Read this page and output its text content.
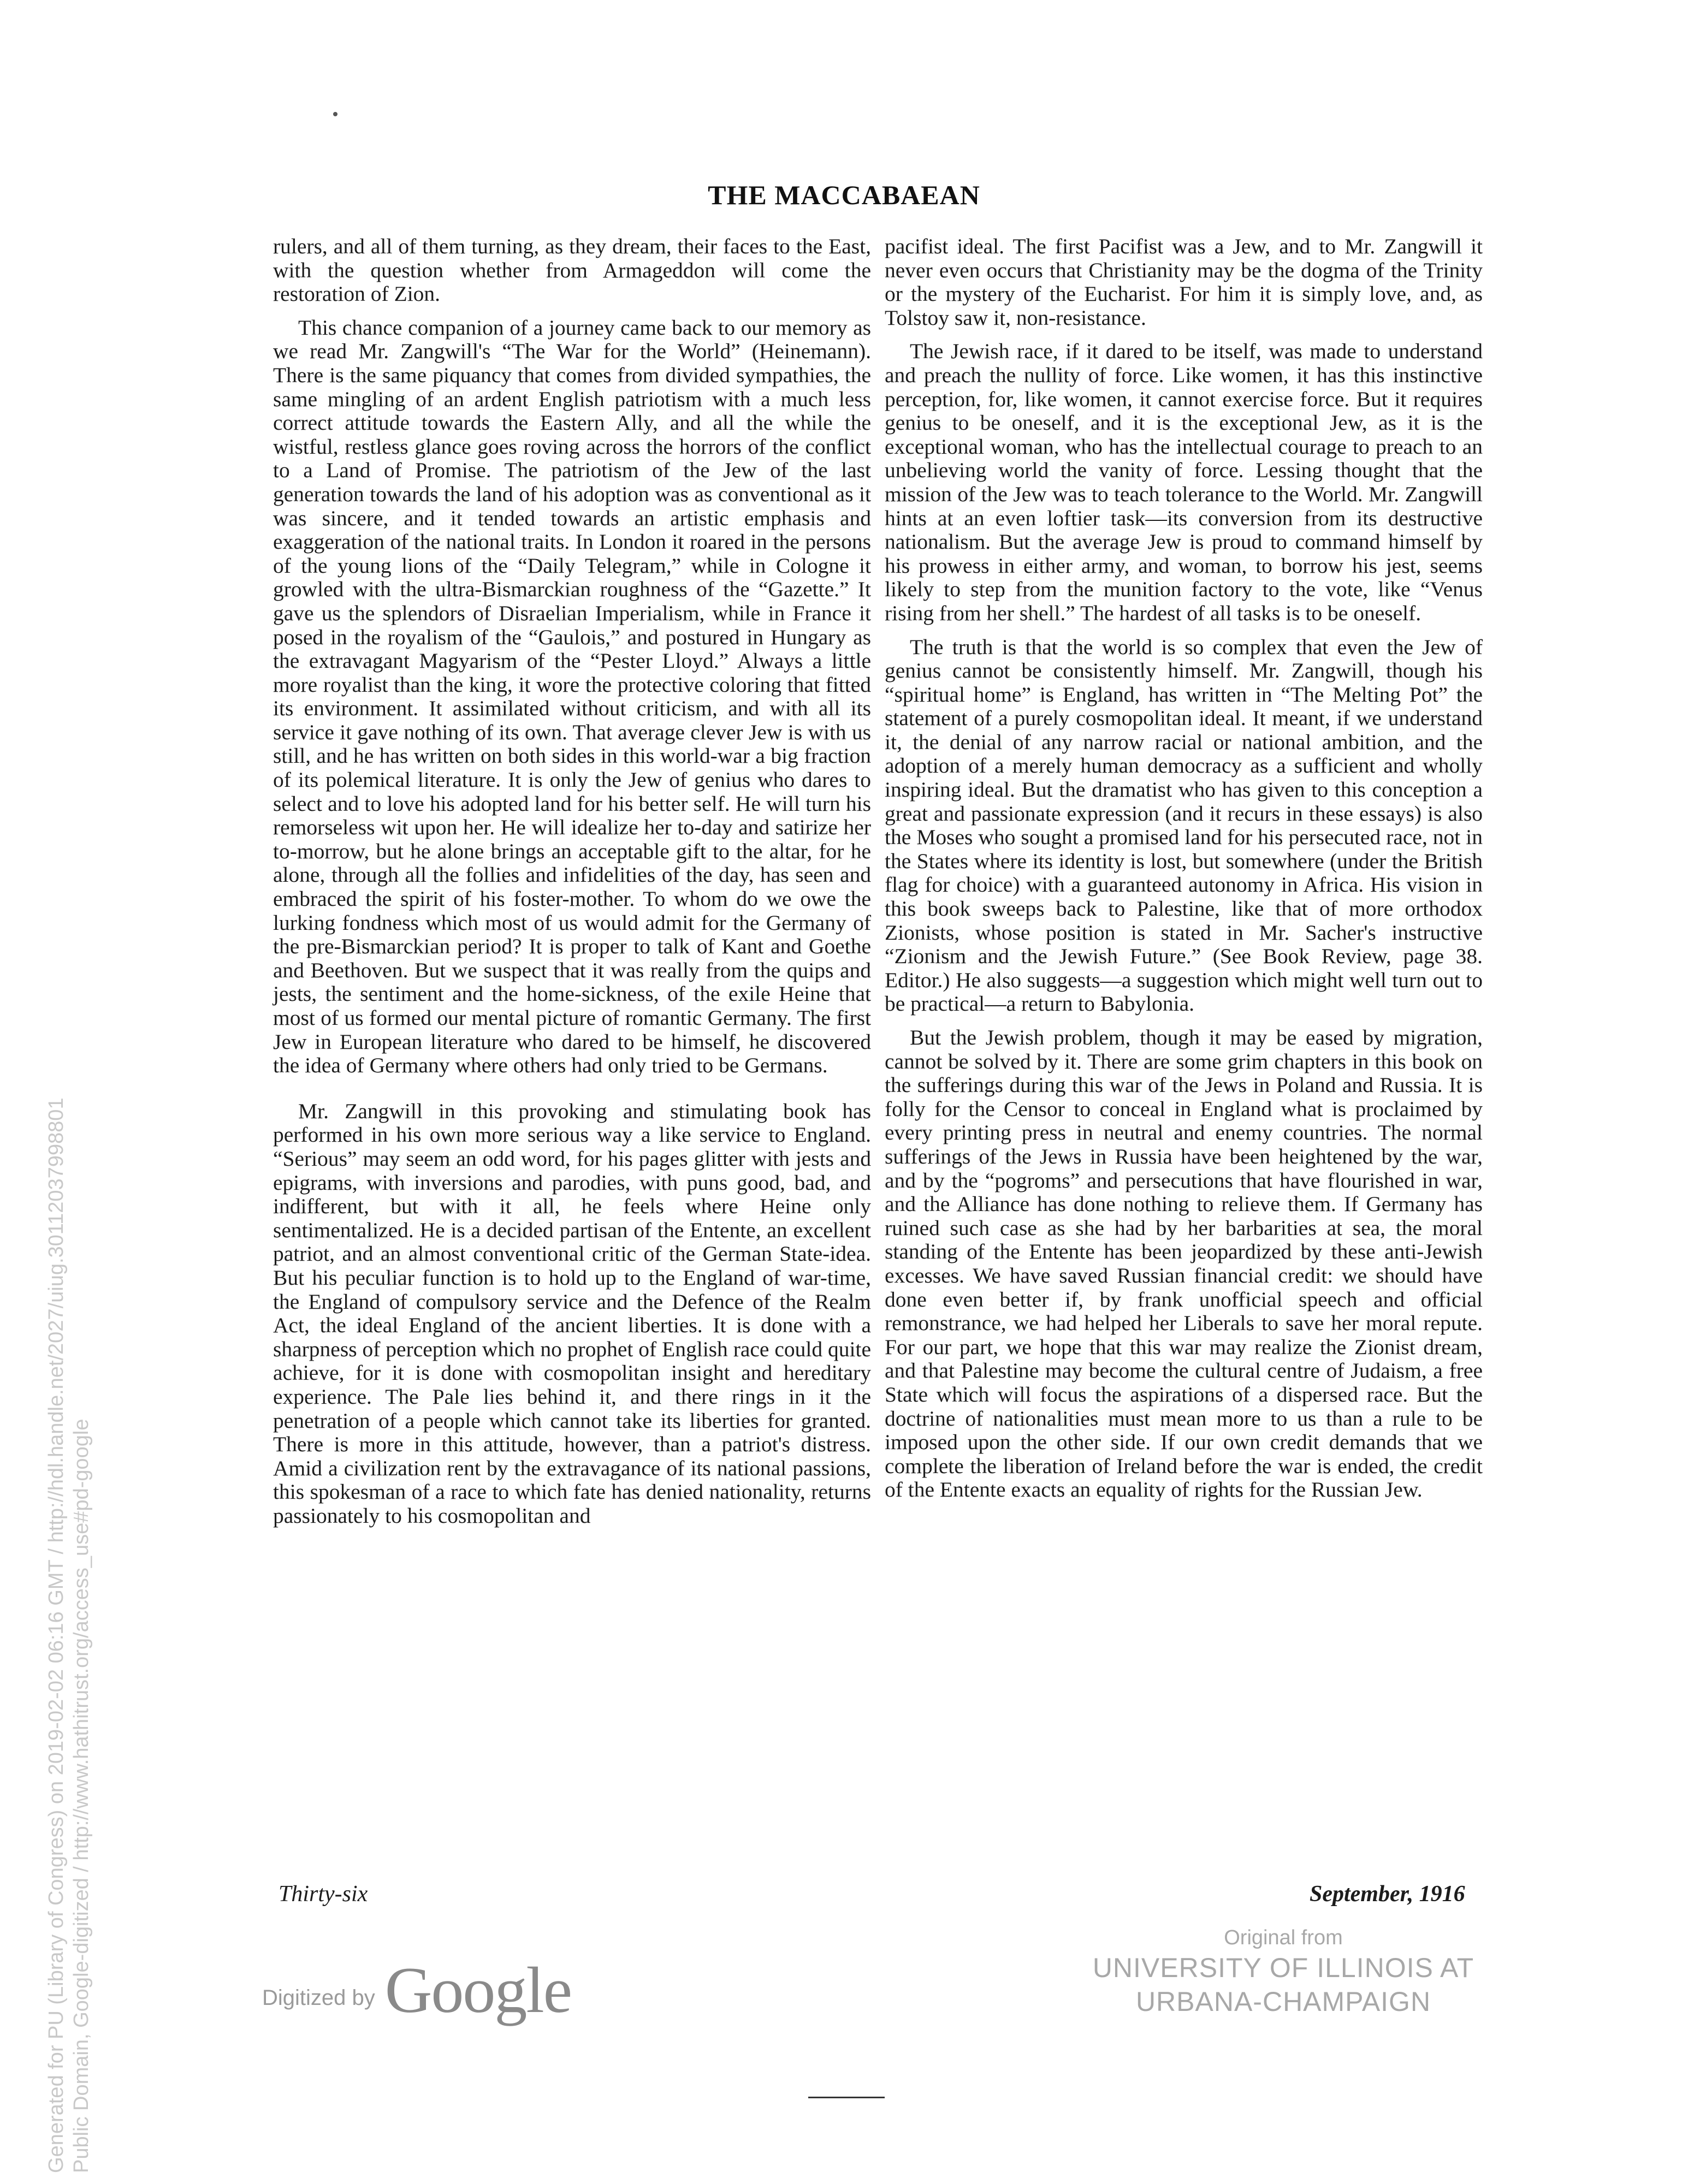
Generated for PU (Library of Congress) on 2019-02-02 06:16 GMT / http://hdl.handle.net/2027/uiug.30112037998801 Public Domain, Google-digitized / http://www.hathitrust.org/access_use#pd-google
THE MACCABAEAN

rulers, and all of them turning, as they dream, their faces to the East, with the question whether from Armageddon will come the restoration of Zion.

This chance companion of a journey came back to our memory as we read Mr. Zangwill's “The War for the World” (Heinemann). There is the same piquancy that comes from divided sympathies, the same mingling of an ardent English patriotism with a much less correct attitude towards the Eastern Ally, and all the while the wistful, restless glance goes roving across the horrors of the conflict to a Land of Promise. The patriotism of the Jew of the last generation towards the land of his adoption was as conventional as it was sincere, and it tended towards an artistic emphasis and exaggeration of the national traits. In London it roared in the persons of the young lions of the “Daily Telegram,” while in Cologne it growled with the ultra-Bismarckian roughness of the “Gazette.” It gave us the splendors of Disraelian Imperialism, while in France it posed in the royalism of the “Gaulois,” and postured in Hungary as the extravagant Magyarism of the “Pester Lloyd.” Always a little more royalist than the king, it wore the protective coloring that fitted its environment. It assimilated without criticism, and with all its service it gave nothing of its own. That average clever Jew is with us still, and he has written on both sides in this world-war a big fraction of its polemical literature. It is only the Jew of genius who dares to select and to love his adopted land for his better self. He will turn his remorseless wit upon her. He will idealize her to-day and satirize her to-morrow, but he alone brings an acceptable gift to the altar, for he alone, through all the follies and infidelities of the day, has seen and embraced the spirit of his foster-mother. To whom do we owe the lurking fondness which most of us would admit for the Germany of the pre-Bismarckian period? It is proper to talk of Kant and Goethe and Beethoven. But we suspect that it was really from the quips and jests, the sentiment and the home-sickness, of the exile Heine that most of us formed our mental picture of romantic Germany. The first Jew in European literature who dared to be himself, he discovered the idea of Germany where others had only tried to be Germans.

Mr. Zangwill in this provoking and stimulating book has performed in his own more serious way a like service to England. “Serious” may seem an odd word, for his pages glitter with jests and epigrams, with inversions and parodies, with puns good, bad, and indifferent, but with it all, he feels where Heine only sentimentalized. He is a decided partisan of the Entente, an excellent patriot, and an almost conventional critic of the German State-idea. But his peculiar function is to hold up to the England of war-time, the England of compulsory service and the Defence of the Realm Act, the ideal England of the ancient liberties. It is done with a sharpness of perception which no prophet of English race could quite achieve, for it is done with cosmopolitan insight and hereditary experience. The Pale lies behind it, and there rings in it the penetration of a people which cannot take its liberties for granted. There is more in this attitude, however, than a patriot's distress. Amid a civilization rent by the extravagance of its national passions, this spokesman of a race to which fate has denied nationality, returns passionately to his cosmopolitan and

pacifist ideal. The first Pacifist was a Jew, and to Mr. Zangwill it never even occurs that Christianity may be the dogma of the Trinity or the mystery of the Eucharist. For him it is simply love, and, as Tolstoy saw it, non-resistance.

The Jewish race, if it dared to be itself, was made to understand and preach the nullity of force. Like women, it has this instinctive perception, for, like women, it cannot exercise force. But it requires genius to be oneself, and it is the exceptional Jew, as it is the exceptional woman, who has the intellectual courage to preach to an unbelieving world the vanity of force. Lessing thought that the mission of the Jew was to teach tolerance to the World. Mr. Zangwill hints at an even loftier task—its conversion from its destructive nationalism. But the average Jew is proud to command himself by his prowess in either army, and woman, to borrow his jest, seems likely to step from the munition factory to the vote, like “Venus rising from her shell.” The hardest of all tasks is to be oneself.

The truth is that the world is so complex that even the Jew of genius cannot be consistently himself. Mr. Zangwill, though his “spiritual home” is England, has written in “The Melting Pot” the statement of a purely cosmopolitan ideal. It meant, if we understand it, the denial of any narrow racial or national ambition, and the adoption of a merely human democracy as a sufficient and wholly inspiring ideal. But the dramatist who has given to this conception a great and passionate expression (and it recurs in these essays) is also the Moses who sought a promised land for his persecuted race, not in the States where its identity is lost, but somewhere (under the British flag for choice) with a guaranteed autonomy in Africa. His vision in this book sweeps back to Palestine, like that of more orthodox Zionists, whose position is stated in Mr. Sacher's instructive “Zionism and the Jewish Future.” (See Book Review, page 38. Editor.) He also suggests—a suggestion which might well turn out to be practical—a return to Babylonia.

But the Jewish problem, though it may be eased by migration, cannot be solved by it. There are some grim chapters in this book on the sufferings during this war of the Jews in Poland and Russia. It is folly for the Censor to conceal in England what is proclaimed by every printing press in neutral and enemy countries. The normal sufferings of the Jews in Russia have been heightened by the war, and by the “pogroms” and persecutions that have flourished in war, and the Alliance has done nothing to relieve them. If Germany has ruined such case as she had by her barbarities at sea, the moral standing of the Entente has been jeopardized by these anti-Jewish excesses. We have saved Russian financial credit: we should have done even better if, by frank unofficial speech and official remonstrance, we had helped her Liberals to save her moral repute. For our part, we hope that this war may realize the Zionist dream, and that Palestine may become the cultural centre of Judaism, a free State which will focus the aspirations of a dispersed race. But the doctrine of nationalities must mean more to us than a rule to be imposed upon the other side. If our own credit demands that we complete the liberation of Ireland before the war is ended, the credit of the Entente exacts an equality of rights for the Russian Jew.

Thirty-six	September, 1916
Digitized by Google
Original from
UNIVERSITY OF ILLINOIS AT
URBANA-CHAMPAIGN
